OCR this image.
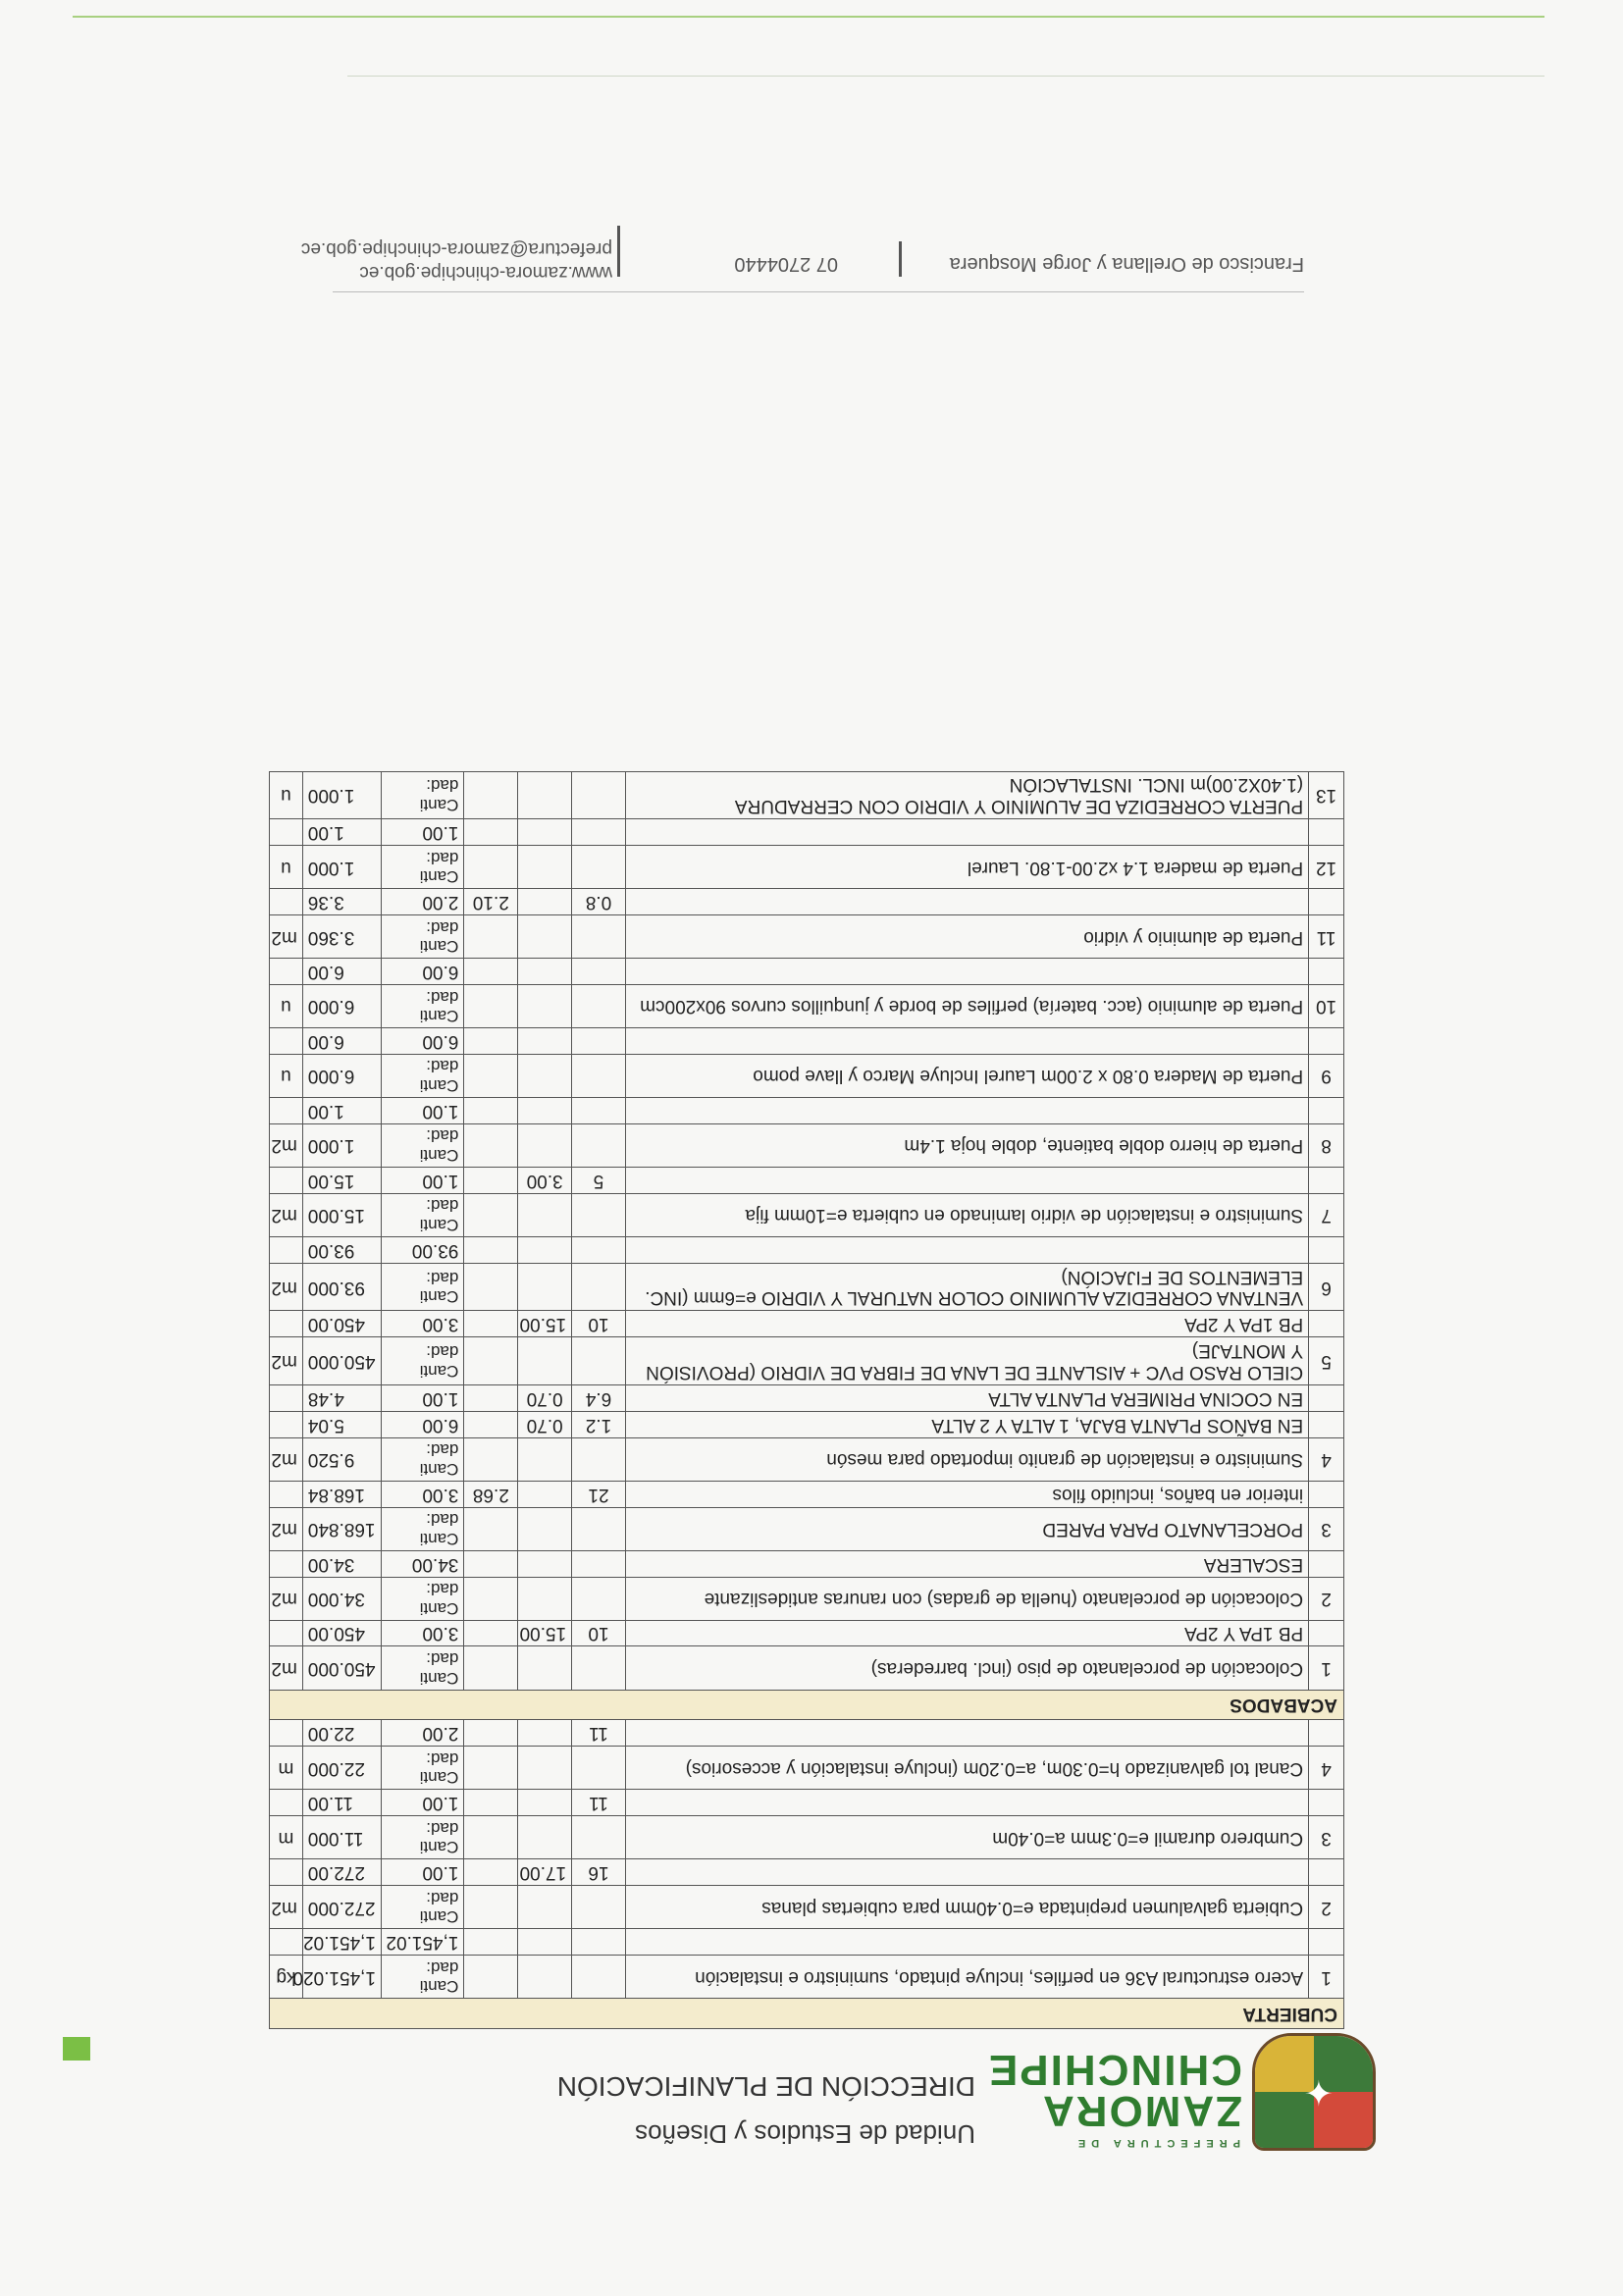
✦
PREFECTURA DE
ZAMORA
CHINCHIPE
DIRECCIÓN DE PLANIFICACIÓN
Unidad de Estudios y Diseños
CUBIERTA							
1	Acero estructural A36 en perfiles, incluye pintado, suministro e instalación				Canti dad:	1,451.020	kg
					1,451.02	1,451.02	
2	Cubierta galvalumen prepintada e=0.40mm para cubiertas planas				Canti dad:	272.000	m2
		16	17.00		1.00	272.00	
3	Cumbrero duramil e=0.3mm a=0.40m				Canti dad:	11.000	m
		11			1.00	11.00	
4	Canal tol galvanizado h=0.30m, a=0.20m (incluye instalación y accesorios)				Canti dad:	22.000	m
		11			2.00	22.00	
ACABADOS							
1	Colocación de porcelanato de piso (incl. barrederas)				Canti dad:	450.000	m2
	PB 1PA Y 2PA	10	15.00		3.00	450.00	
2	Colocación de porcelanato (huella de gradas) con ranuras antideslizante				Canti dad:	34.000	m2
	ESCALERA				34.00	34.00	
3	PORCELANATO PARA PARED				Canti dad:	168.840	m2
	interior en baños, incluido filos	21		2.68	3.00	168.84	
4	Suministro e instalación de granito importado para mesón				Canti dad:	9.520	m2
	EN BAÑOS PLANTA BAJA, 1 ALTA Y 2 ALTA	1.2	0.70		6.00	5.04	
	EN COCINA PRIMERA PLANTA ALTA	6.4	0.70		1.00	4.48	
5	CIELO RASO PVC + AISLANTE DE LANA DE FIBRA DE VIDRIO (PROVISIÓN Y MONTAJE)				Canti dad:	450.000	m2
	PB 1PA Y 2PA	10	15.00		3.00	450.00	
6	VENTANA CORREDIZA ALUMINIO COLOR NATURAL Y VIDRIO e=6mm (INC. ELEMENTOS DE FIJACIÓN)				Canti dad:	93.000	m2
					93.00	93.00	
7	Suministro e instalación de vidrio laminado en cubierta e=10mm fija				Canti dad:	15.000	m2
		5	3.00		1.00	15.00	
8	Puerta de hierro doble batiente, doble hoja 1.4m				Canti dad:	1.000	m2
					1.00	1.00	
9	Puerta de Madera 0.80 x 2.00m Laurel Incluye Marco y llave pomo				Canti dad:	6.000	u
					6.00	6.00	
10	Puerta de aluminio (acc. batería) perfiles de borde y junquillos curvos 90x200cm				Canti dad:	6.000	u
					6.00	6.00	
11	Puerta de aluminio y vidrio				Canti dad:	3.360	m2
		0.8		2.10	2.00	3.36	
12	Puerta de madera 1.4 x2.00-1.80. Laurel				Canti dad:	1.000	u
					1.00	1.00	
13	PUERTA CORREDIZA DE ALUMINIO Y VIDRIO CON CERRADURA (1.40X2.00)m INCL. INSTALACIÓN				Canti dad:	1.000	u
Francisco de Orellana y Jorge Mosquera
07 2704440
www.zamora-chinchipe.gob.ec
prefectura@zamora-chinchipe.gob.ec
